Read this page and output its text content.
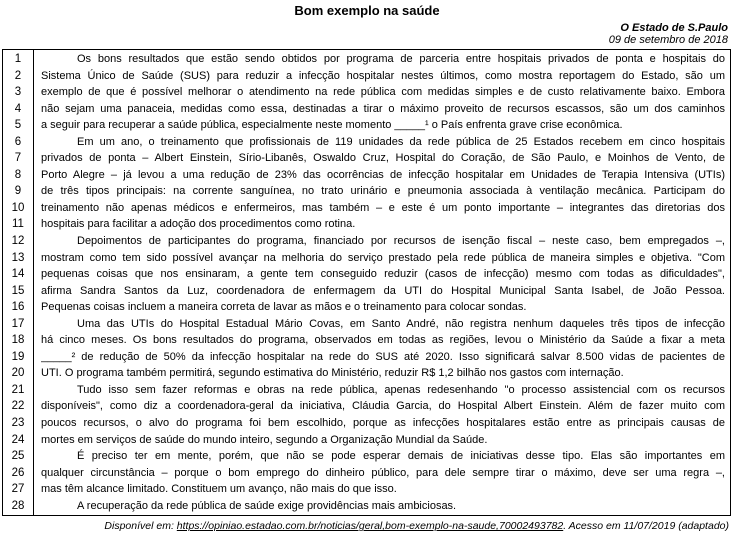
Bom exemplo na saúde
O Estado de S.Paulo
09 de setembro de 2018
1
2
3
4
5
6
7
8
9
10
11
12
13
14
15
16
17
18
19
20
21
22
23
24
25
26
27
28
Os bons resultados que estão sendo obtidos por programa de parceria entre hospitais privados de ponta e hospitais do
Sistema Único de Saúde (SUS) para reduzir a infecção hospitalar nestes últimos, como mostra reportagem do Estado, são um
exemplo de que é possível melhorar o atendimento na rede pública com medidas simples e de custo relativamente baixo. Embora
não sejam uma panaceia, medidas como essa, destinadas a tirar o máximo proveito de recursos escassos, são um dos caminhos
a seguir para recuperar a saúde pública, especialmente neste momento _____¹ o País enfrenta grave crise econômica.
Em um ano, o treinamento que profissionais de 119 unidades da rede pública de 25 Estados recebem em cinco hospitais
privados de ponta – Albert Einstein, Sírio-Libanês, Oswaldo Cruz, Hospital do Coração, de São Paulo, e Moinhos de Vento, de
Porto Alegre – já levou a uma redução de 23% das ocorrências de infecção hospitalar em Unidades de Terapia Intensiva (UTIs)
de três tipos principais: na corrente sanguínea, no trato urinário e pneumonia associada à ventilação mecânica. Participam do
treinamento não apenas médicos e enfermeiros, mas também – e este é um ponto importante – integrantes das diretorias dos
hospitais para facilitar a adoção dos procedimentos como rotina.
Depoimentos de participantes do programa, financiado por recursos de isenção fiscal – neste caso, bem empregados –,
mostram como tem sido possível avançar na melhoria do serviço prestado pela rede pública de maneira simples e objetiva. "Com
pequenas coisas que nos ensinaram, a gente tem conseguido reduzir (casos de infecção) mesmo com todas as dificuldades",
afirma Sandra Santos da Luz, coordenadora de enfermagem da UTI do Hospital Municipal Santa Isabel, de João Pessoa.
Pequenas coisas incluem a maneira correta de lavar as mãos e o treinamento para colocar sondas.
Uma das UTIs do Hospital Estadual Mário Covas, em Santo André, não registra nenhum daqueles três tipos de infecção
há cinco meses. Os bons resultados do programa, observados em todas as regiões, levou o Ministério da Saúde a fixar a meta
_____² de redução de 50% da infecção hospitalar na rede do SUS até 2020. Isso significará salvar 8.500 vidas de pacientes de
UTI. O programa também permitirá, segundo estimativa do Ministério, reduzir R$ 1,2 bilhão nos gastos com internação.
Tudo isso sem fazer reformas e obras na rede pública, apenas redesenhando "o processo assistencial com os recursos
disponíveis", como diz a coordenadora-geral da iniciativa, Cláudia Garcia, do Hospital Albert Einstein. Além de fazer muito com
poucos recursos, o alvo do programa foi bem escolhido, porque as infecções hospitalares estão entre as principais causas de
mortes em serviços de saúde do mundo inteiro, segundo a Organização Mundial da Saúde.
É preciso ter em mente, porém, que não se pode esperar demais de iniciativas desse tipo. Elas são importantes em
qualquer circunstância – porque o bom emprego do dinheiro público, para dele sempre tirar o máximo, deve ser uma regra –,
mas têm alcance limitado. Constituem um avanço, não mais do que isso.
A recuperação da rede pública de saúde exige providências mais ambiciosas.
Disponível em: https://opiniao.estadao.com.br/noticias/geral,bom-exemplo-na-saude,70002493782. Acesso em 11/07/2019 (adaptado)
